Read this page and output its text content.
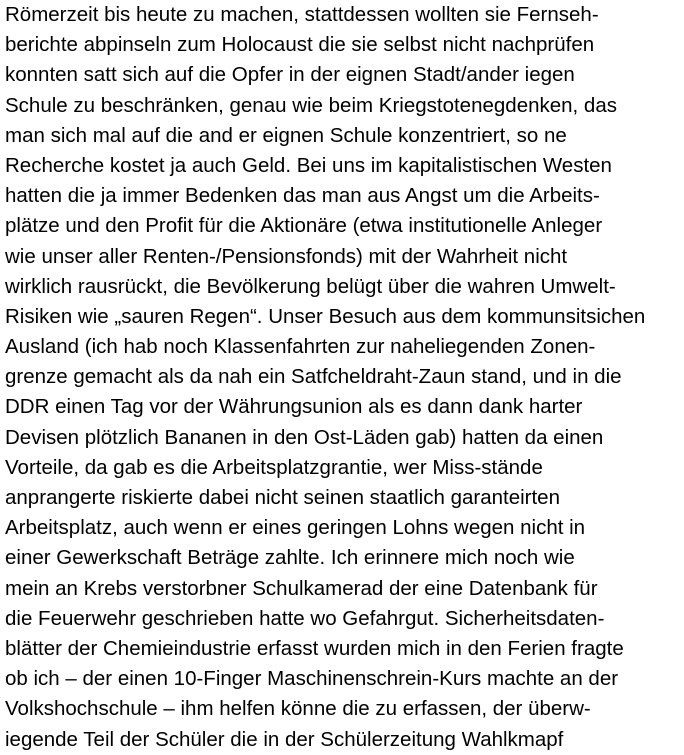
Römerzeit bis heute zu machen, stattdessen wollten sie Fernseh-
berichte abpinseln zum Holocaust die sie selbst nicht nachprüfen
konnten satt sich auf die Opfer in der eignen Stadt/ander iegen
Schule zu beschränken, genau wie beim Kriegstotenegdenken, das
man sich mal auf die and er eignen Schule konzentriert, so ne
Recherche kostet ja auch Geld. Bei uns im kapitalistischen Westen
hatten die ja immer Bedenken das man aus Angst um die Arbeits-
plätze und den Profit für die Aktionäre (etwa institutionelle Anleger
wie unser aller Renten-/Pensionsfonds) mit der Wahrheit nicht
wirklich rausrückt, die Bevölkerung belügt über die wahren Umwelt-
Risiken wie „sauren Regen“. Unser Besuch aus dem kommunsitsichen
Ausland (ich hab noch Klassenfahrten zur naheliegenden Zonen-
grenze gemacht als da nah ein Satfcheldraht-Zaun stand, und in die
DDR einen Tag vor der Währungsunion als es dann dank harter
Devisen plötzlich Bananen in den Ost-Läden gab) hatten da einen
Vorteile, da gab es die Arbeitsplatzgrantie, wer Miss-stände
anprangerte riskierte dabei nicht seinen staatlich garanteirten
Arbeitsplatz, auch wenn er eines geringen Lohns wegen nicht in
einer Gewerkschaft Beträge zahlte. Ich erinnere mich noch wie
mein an Krebs verstorbner Schulkamerad der eine Datenbank für
die Feuerwehr geschrieben hatte wo Gefahrgut. Sicherheitsdaten-
blätter der Chemieindustrie erfasst wurden mich in den Ferien fragte
ob ich – der einen 10-Finger Maschinenschrein-Kurs machte an der
Volkshochschule – ihm helfen könne die zu erfassen, der überw-
iegende Teil der Schüler die in der Schülerzeitung Wahlkmapf
